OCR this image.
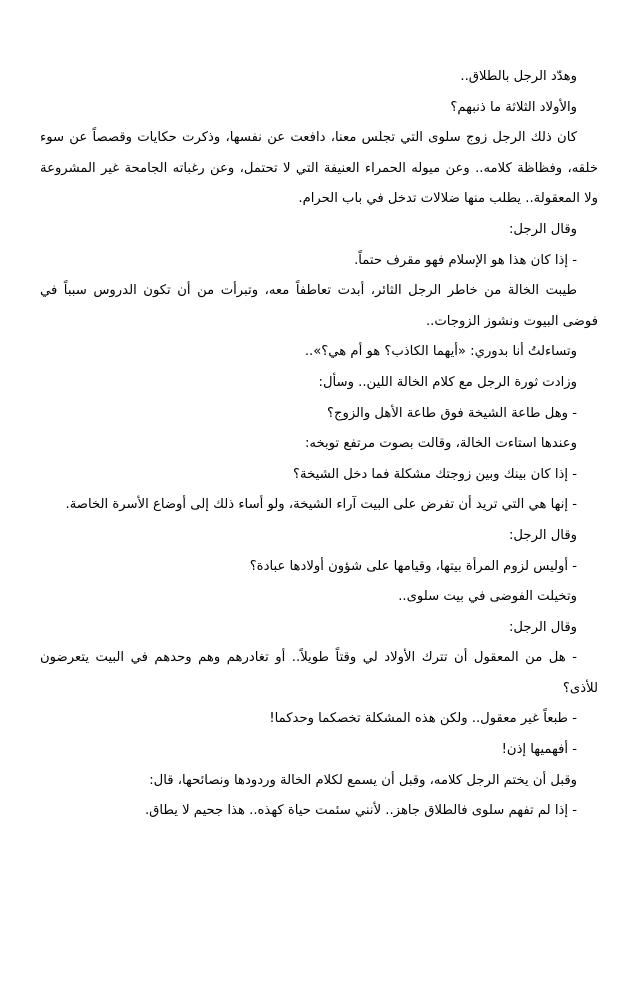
وهدّد الرجل بالطلاق..

والأولاد الثلاثة ما ذنبهم؟

كان ذلك الرجل زوج سلوى التي تجلس معنا، دافعت عن نفسها، وذكرت حكايات وقصصاً عن سوء خلقه، وفظاظة كلامه.. وعن ميوله الحمراء العنيفة التي لا تحتمل، وعن رغباته الجامحة غير المشروعة ولا المعقولة.. يطلب منها ضلالات تدخل في باب الحرام.

وقال الرجل:

- إذا كان هذا هو الإسلام فهو مقرف حتماً.

طيبت الخالة من خاطر الرجل الثائر، أبدت تعاطفاً معه، وتبرأت من أن تكون الدروس سبباً في فوضى البيوت ونشوز الزوجات..

وتساءلتُ أنا بدوري: «أيهما الكاذب؟ هو أم هي؟»..

وزادت ثورة الرجل مع كلام الخالة اللين.. وسأل:

- وهل طاعة الشيخة فوق طاعة الأهل والزوج؟

وعندها استاءت الخالة، وقالت بصوت مرتفع توبخه:

- إذا كان بينك وبين زوجتك مشكلة فما دخل الشيخة؟

- إنها هي التي تريد أن تفرض على البيت آراء الشيخة، ولو أساء ذلك إلى أوضاع الأسرة الخاصة.

وقال الرجل:

- أوليس لزوم المرأة بيتها، وقيامها على شؤون أولادها عبادة؟

وتخيلت الفوضى في بيت سلوى..

وقال الرجل:

- هل من المعقول أن تترك الأولاد لي وقتاً طويلاً.. أو تغادرهم وهم وحدهم في البيت يتعرضون للأذى؟

- طبعاً غير معقول.. ولكن هذه المشكلة تخصكما وحدكما!

- أفهميها إذن!

وقبل أن يختم الرجل كلامه، وقبل أن يسمع لكلام الخالة وردودها ونصائحها، قال:

- إذا لم تفهم سلوى فالطلاق جاهز.. لأنني سئمت حياة كهذه.. هذا جحيم لا يطاق.
